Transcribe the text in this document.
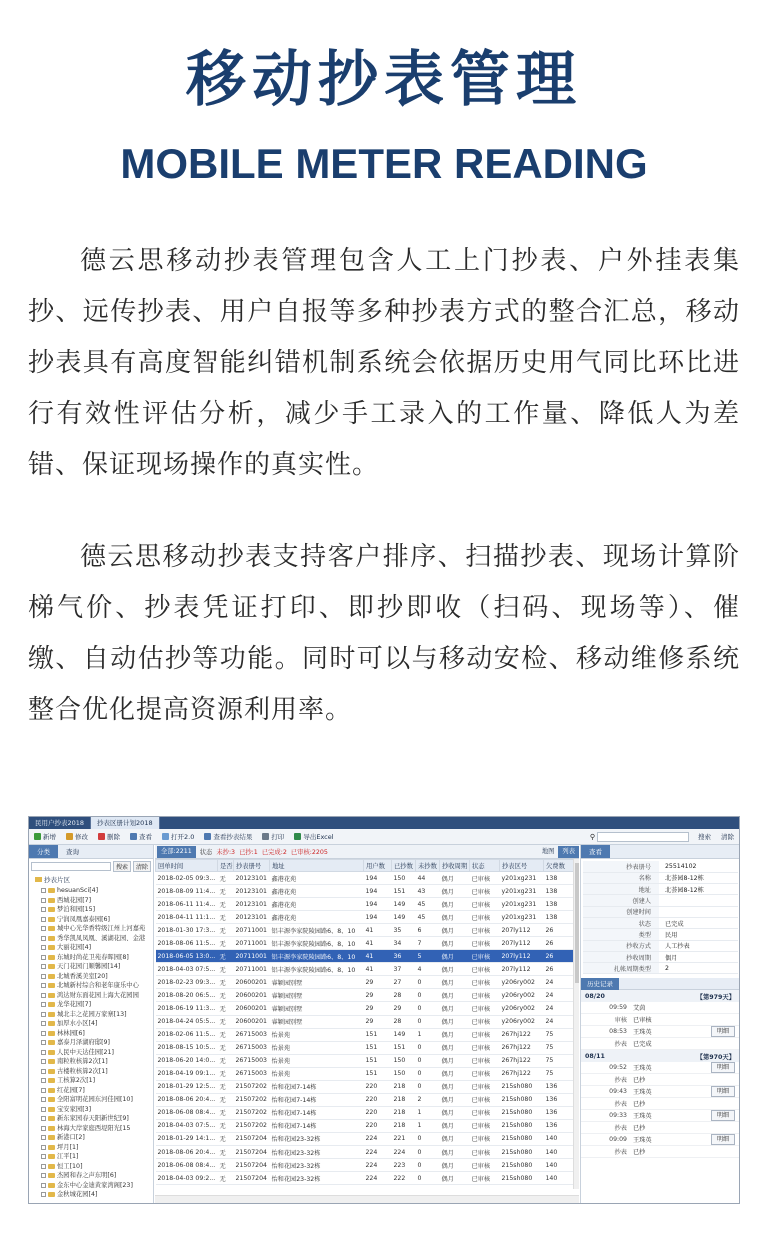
移动抄表管理
MOBILE METER READING

德云思移动抄表管理包含人工上门抄表、户外挂表集抄、远传抄表、用户自报等多种抄表方式的整合汇总，移动抄表具有高度智能纠错机制系统会依据历史用气同比环比进行有效性评估分析，减少手工录入的工作量、降低人为差错、保证现场操作的真实性。

德云思移动抄表支持客户排序、扫描抄表、现场计算阶梯气价、抄表凭证打印、即抄即收（扫码、现场等）、催缴、自动估抄等功能。同时可以与移动安检、移动维修系统整合优化提高资源利用率。

民用户抄表2018	抄表区册计划2018
新增	修改	删除	查看	打开2.0	查看抄表结果	打印	导出Excel	⚲	搜索	清除
分类	查询
搜索	清除
抄表片区
hesuanSci[4]
西城花园[7]
梦泊和园[15]
宁润凤凰嘉泰园[6]
城中心光华香特级江州上河嘉苑
秀华凯凤凤凰、溪湖花园、金港
大丽花园[4]
东城时尚花卫苑春晖园[8]
天门花园门顺馨园[14]
北城香溪美室[20]
北城新村综合和老年康乐中心
鸿达财东面花园上海大花园园
龙华花园[7]
城北丰之花园万家寨[13]
加厚水小区[4]
林林园[6]
嘉泰月泽湖府邸[9]
人民中天达佳园[21]
南粒粒核算2次[1]
古楼粒核算2次[1]
工核算2次[1]
红花园[7]
全阳富明花园东河佳园[10]
宝安家园[3]
新东家园春天阳新世纪[9]
林海大岸家庭西堤阳光[15
新港口[2]
坪月[1]
江平[1]
恒工[10]
杰园和春之声东明[6]
金东中心金迪黄家湾阁[23]
金秋城花园[4]
全部:2211	状态 未抄:3 已抄:1 已完成:2 已审核:2205	地图	列表
回单时间	是否	抄表册号	地址	用户数	已抄数	未抄数	抄收周期	状态	抄表区号	欠费数
2018-02-05 09:3...	无	20123101	鑫港花苑	194	150	44	偶月	已审核	y201xg231	138
2018-08-09 11:4...	无	20123101	鑫港花苑	194	151	43	偶月	已审核	y201xg231	138
2018-06-11 11:4...	无	20123101	鑫港花苑	194	149	45	偶月	已审核	y201xg231	138
2018-04-11 11:1...	无	20123101	鑫港花苑	194	149	45	偶月	已审核	y201xg231	138
2018-01-30 17:3...	无	20711001	铝丰源李家院陵园路6、8、10	41	35	6	偶月	已审核	207ly112	26
2018-08-06 11:5...	无	20711001	铝丰源李家院陵园路6、8、10	41	34	7	偶月	已审核	207ly112	26
2018-06-05 13:0...	无	20711001	铝丰源李家院陵园路6、8、10	41	36	5	偶月	已审核	207ly112	26
2018-04-03 07:5...	无	20711001	铝丰源李家院陵园路6、8、10	41	37	4	偶月	已审核	207ly112	26
2018-02-23 09:3...	无	20600201	睿颖园别墅	29	27	0	偶月	已审核	y206ry002	24
2018-08-20 06:5...	无	20600201	睿颖园别墅	29	28	0	偶月	已审核	y206ry002	24
2018-06-19 11:3...	无	20600201	睿颖园别墅	29	29	0	偶月	已审核	y206ry002	24
2018-04-24 05:5...	无	20600201	睿颖园别墅	29	28	0	偶月	已审核	y206ry002	24
2018-02-06 11:5...	无	26715003	怡景苑	151	149	1	偶月	已审核	267hj122	75
2018-08-15 10:5...	无	26715003	怡景苑	151	151	0	偶月	已审核	267hj122	75
2018-06-20 14:0...	无	26715003	怡景苑	151	150	0	偶月	已审核	267hj122	75
2018-04-19 09:1...	无	26715003	怡景苑	151	150	0	偶月	已审核	267hj122	75
2018-01-29 12:5...	无	21507202	怡和花园7-14栋	220	218	0	偶月	已审核	215sh080	136
2018-08-06 20:4...	无	21507202	怡和花园7-14栋	220	218	2	偶月	已审核	215sh080	136
2018-06-08 08:4...	无	21507202	怡和花园7-14栋	220	218	1	偶月	已审核	215sh080	136
2018-04-03 07:5...	无	21507202	怡和花园7-14栋	220	218	1	偶月	已审核	215sh080	136
2018-01-29 14:1...	无	21507204	怡和花园23-32栋	224	221	0	偶月	已审核	215sh080	140
2018-08-06 20:4...	无	21507204	怡和花园23-32栋	224	224	0	偶月	已审核	215sh080	140
2018-06-08 08:4...	无	21507204	怡和花园23-32栋	224	223	0	偶月	已审核	215sh080	140
2018-04-03 09:2...	无	21507204	怡和花园23-32栋	224	222	0	偶月	已审核	215sh080	140
查看
抄表册号	25514102
名称	北荟园8-12栋
地址	北荟园8-12栋
创建人	
创建时间	
状态	已完成
类型	民用
抄收方式	人工抄表
抄收周期	偶月
扎帐周期类型	2
历史记录
08/20	【第979天】
09:59 艾茵
审核 已审核
08:53 王珠英	明细
抄表 已完成
08/11	【第970天】
09:52 王珠英	明细
抄表 已抄
09:43 王珠英	明细
抄表 已抄
09:33 王珠英	明细
抄表 已抄
09:09 王珠英	明细
抄表 已抄
